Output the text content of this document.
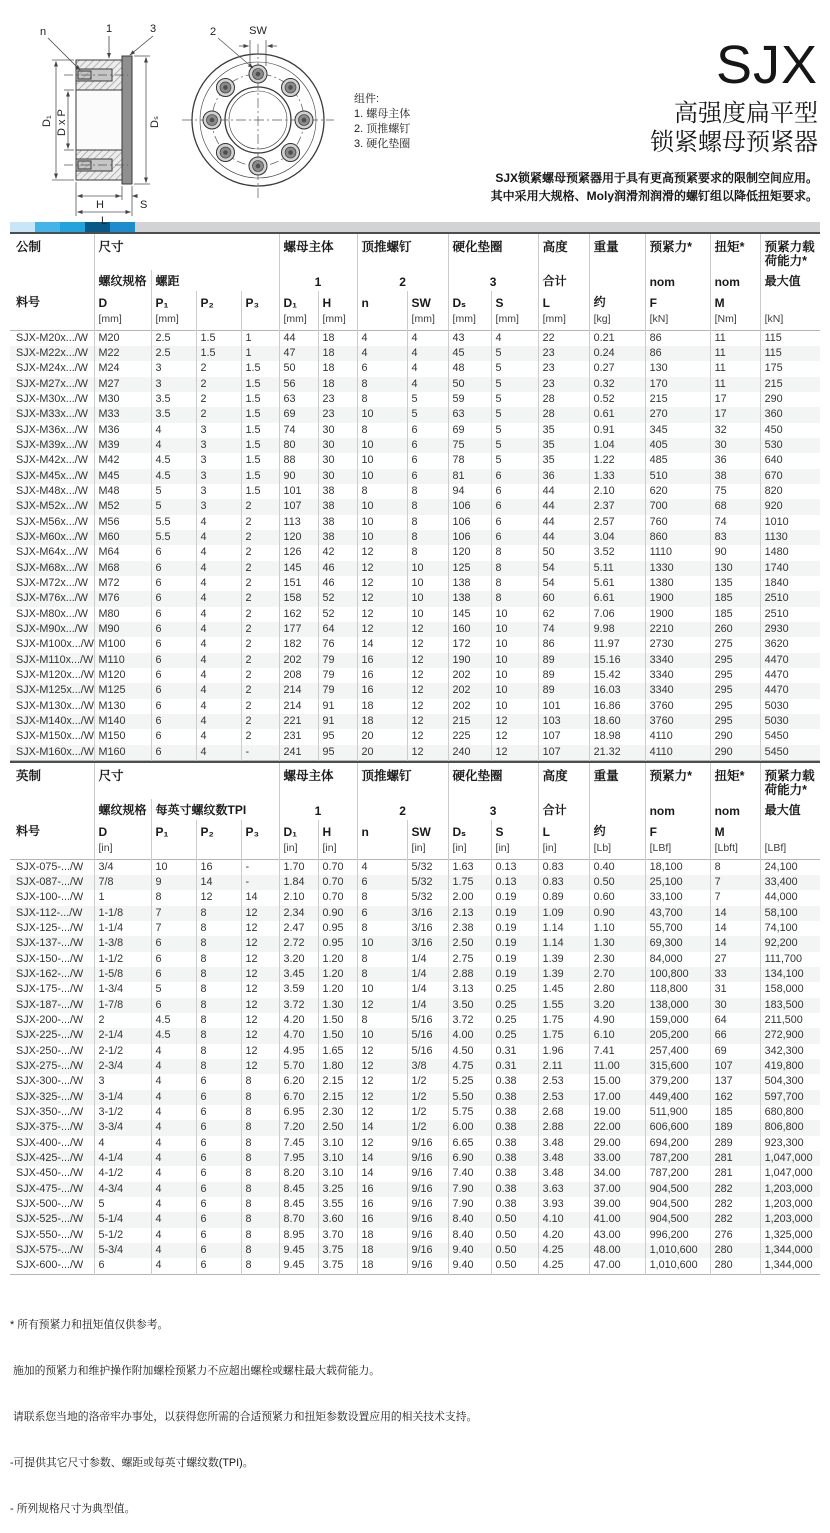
D₁ D x P	Dₛ
H	S
L
n	1	3	SW
2
组件:
1. 螺母主体
2. 顶推螺钉
3. 硬化垫圈
SJX
高强度扁平型
锁紧螺母预紧器
SJX锁紧螺母预紧器用于具有更高预紧要求的限制空间应用。
其中采用大规格、Moly润滑剂润滑的螺钉组以降低扭矩要求。
公制	尺寸				螺母主体		顶推螺钉		硬化垫圈		高度	重量	预紧力*	扭矩*	预紧力载荷能力*
	螺纹规格	螺距			1		2		3		合计		nom	nom	最大值
料号	D	P₁	P₂	P₃	D₁	H	n	SW	Dₛ	S	L	约	F	M	
	[mm]	[mm]			[mm]	[mm]		[mm]	[mm]	[mm]	[mm]	[kg]	[kN]	[Nm]	[kN]
SJX-M20x.../W	M20	2.5	1.5	1	44	18	4	4	43	4	22	0.21	86	11	115
SJX-M22x.../W	M22	2.5	1.5	1	47	18	4	4	45	5	23	0.24	86	11	115
SJX-M24x.../W	M24	3	2	1.5	50	18	6	4	48	5	23	0.27	130	11	175
SJX-M27x.../W	M27	3	2	1.5	56	18	8	4	50	5	23	0.32	170	11	215
SJX-M30x.../W	M30	3.5	2	1.5	63	23	8	5	59	5	28	0.52	215	17	290
SJX-M33x.../W	M33	3.5	2	1.5	69	23	10	5	63	5	28	0.61	270	17	360
SJX-M36x.../W	M36	4	3	1.5	74	30	8	6	69	5	35	0.91	345	32	450
SJX-M39x.../W	M39	4	3	1.5	80	30	10	6	75	5	35	1.04	405	30	530
SJX-M42x.../W	M42	4.5	3	1.5	88	30	10	6	78	5	35	1.22	485	36	640
SJX-M45x.../W	M45	4.5	3	1.5	90	30	10	6	81	6	36	1.33	510	38	670
SJX-M48x.../W	M48	5	3	1.5	101	38	8	8	94	6	44	2.10	620	75	820
SJX-M52x.../W	M52	5	3	2	107	38	10	8	106	6	44	2.37	700	68	920
SJX-M56x.../W	M56	5.5	4	2	113	38	10	8	106	6	44	2.57	760	74	1010
SJX-M60x.../W	M60	5.5	4	2	120	38	10	8	106	6	44	3.04	860	83	1130
SJX-M64x.../W	M64	6	4	2	126	42	12	8	120	8	50	3.52	1110	90	1480
SJX-M68x.../W	M68	6	4	2	145	46	12	10	125	8	54	5.11	1330	130	1740
SJX-M72x.../W	M72	6	4	2	151	46	12	10	138	8	54	5.61	1380	135	1840
SJX-M76x.../W	M76	6	4	2	158	52	12	10	138	8	60	6.61	1900	185	2510
SJX-M80x.../W	M80	6	4	2	162	52	12	10	145	10	62	7.06	1900	185	2510
SJX-M90x.../W	M90	6	4	2	177	64	12	12	160	10	74	9.98	2210	260	2930
SJX-M100x.../W	M100	6	4	2	182	76	14	12	172	10	86	11.97	2730	275	3620
SJX-M110x.../W	M110	6	4	2	202	79	16	12	190	10	89	15.16	3340	295	4470
SJX-M120x.../W	M120	6	4	2	208	79	16	12	202	10	89	15.42	3340	295	4470
SJX-M125x.../W	M125	6	4	2	214	79	16	12	202	10	89	16.03	3340	295	4470
SJX-M130x.../W	M130	6	4	2	214	91	18	12	202	10	101	16.86	3760	295	5030
SJX-M140x.../W	M140	6	4	2	221	91	18	12	215	12	103	18.60	3760	295	5030
SJX-M150x.../W	M150	6	4	2	231	95	20	12	225	12	107	18.98	4110	290	5450
SJX-M160x.../W	M160	6	4	-	241	95	20	12	240	12	107	21.32	4110	290	5450
英制	尺寸				螺母主体		顶推螺钉		硬化垫圈		高度	重量	预紧力*	扭矩*	预紧力载荷能力*
	螺纹规格	每英寸螺纹数TPI			1		2		3		合计		nom	nom	最大值
料号	D	P₁	P₂	P₃	D₁	H	n	SW	Dₛ	S	L	约	F	M	
	[in]				[in]	[in]		[in]	[in]	[in]	[in]	[Lb]	[LBf]	[Lbft]	[LBf]
SJX-075-.../W	3/4	10	16	-	1.70	0.70	4	5/32	1.63	0.13	0.83	0.40	18,100	8	24,100
SJX-087-.../W	7/8	9	14	-	1.84	0.70	6	5/32	1.75	0.13	0.83	0.50	25,100	7	33,400
SJX-100-.../W	1	8	12	14	2.10	0.70	8	5/32	2.00	0.19	0.89	0.60	33,100	7	44,000
SJX-112-.../W	1-1/8	7	8	12	2.34	0.90	6	3/16	2.13	0.19	1.09	0.90	43,700	14	58,100
SJX-125-.../W	1-1/4	7	8	12	2.47	0.95	8	3/16	2.38	0.19	1.14	1.10	55,700	14	74,100
SJX-137-.../W	1-3/8	6	8	12	2.72	0.95	10	3/16	2.50	0.19	1.14	1.30	69,300	14	92,200
SJX-150-.../W	1-1/2	6	8	12	3.20	1.20	8	1/4	2.75	0.19	1.39	2.30	84,000	27	111,700
SJX-162-.../W	1-5/8	6	8	12	3.45	1.20	8	1/4	2.88	0.19	1.39	2.70	100,800	33	134,100
SJX-175-.../W	1-3/4	5	8	12	3.59	1.20	10	1/4	3.13	0.25	1.45	2.80	118,800	31	158,000
SJX-187-.../W	1-7/8	6	8	12	3.72	1.30	12	1/4	3.50	0.25	1.55	3.20	138,000	30	183,500
SJX-200-.../W	2	4.5	8	12	4.20	1.50	8	5/16	3.72	0.25	1.75	4.90	159,000	64	211,500
SJX-225-.../W	2-1/4	4.5	8	12	4.70	1.50	10	5/16	4.00	0.25	1.75	6.10	205,200	66	272,900
SJX-250-.../W	2-1/2	4	8	12	4.95	1.65	12	5/16	4.50	0.31	1.96	7.41	257,400	69	342,300
SJX-275-.../W	2-3/4	4	8	12	5.70	1.80	12	3/8	4.75	0.31	2.11	11.00	315,600	107	419,800
SJX-300-.../W	3	4	6	8	6.20	2.15	12	1/2	5.25	0.38	2.53	15.00	379,200	137	504,300
SJX-325-.../W	3-1/4	4	6	8	6.70	2.15	12	1/2	5.50	0.38	2.53	17.00	449,400	162	597,700
SJX-350-.../W	3-1/2	4	6	8	6.95	2.30	12	1/2	5.75	0.38	2.68	19.00	511,900	185	680,800
SJX-375-.../W	3-3/4	4	6	8	7.20	2.50	14	1/2	6.00	0.38	2.88	22.00	606,600	189	806,800
SJX-400-.../W	4	4	6	8	7.45	3.10	12	9/16	6.65	0.38	3.48	29.00	694,200	289	923,300
SJX-425-.../W	4-1/4	4	6	8	7.95	3.10	14	9/16	6.90	0.38	3.48	33.00	787,200	281	1,047,000
SJX-450-.../W	4-1/2	4	6	8	8.20	3.10	14	9/16	7.40	0.38	3.48	34.00	787,200	281	1,047,000
SJX-475-.../W	4-3/4	4	6	8	8.45	3.25	16	9/16	7.90	0.38	3.63	37.00	904,500	282	1,203,000
SJX-500-.../W	5	4	6	8	8.45	3.55	16	9/16	7.90	0.38	3.93	39.00	904,500	282	1,203,000
SJX-525-.../W	5-1/4	4	6	8	8.70	3.60	16	9/16	8.40	0.50	4.10	41.00	904,500	282	1,203,000
SJX-550-.../W	5-1/2	4	6	8	8.95	3.70	18	9/16	8.40	0.50	4.20	43.00	996,200	276	1,325,000
SJX-575-.../W	5-3/4	4	6	8	9.45	3.75	18	9/16	9.40	0.50	4.25	48.00	1,010,600	280	1,344,000
SJX-600-.../W	6	4	6	8	9.45	3.75	18	9/16	9.40	0.50	4.25	47.00	1,010,600	280	1,344,000

* 所有预紧力和扭矩值仅供参考。

施加的预紧力和维护操作附加螺栓预紧力不应超出螺栓或螺柱最大载荷能力。

请联系您当地的洛帝牢办事处，以获得您所需的合适预紧力和扭矩参数设置应用的相关技术支持。

-可提供其它尺寸参数、螺距或每英寸螺纹数(TPI)。

- 所列规格尺寸为典型值。
